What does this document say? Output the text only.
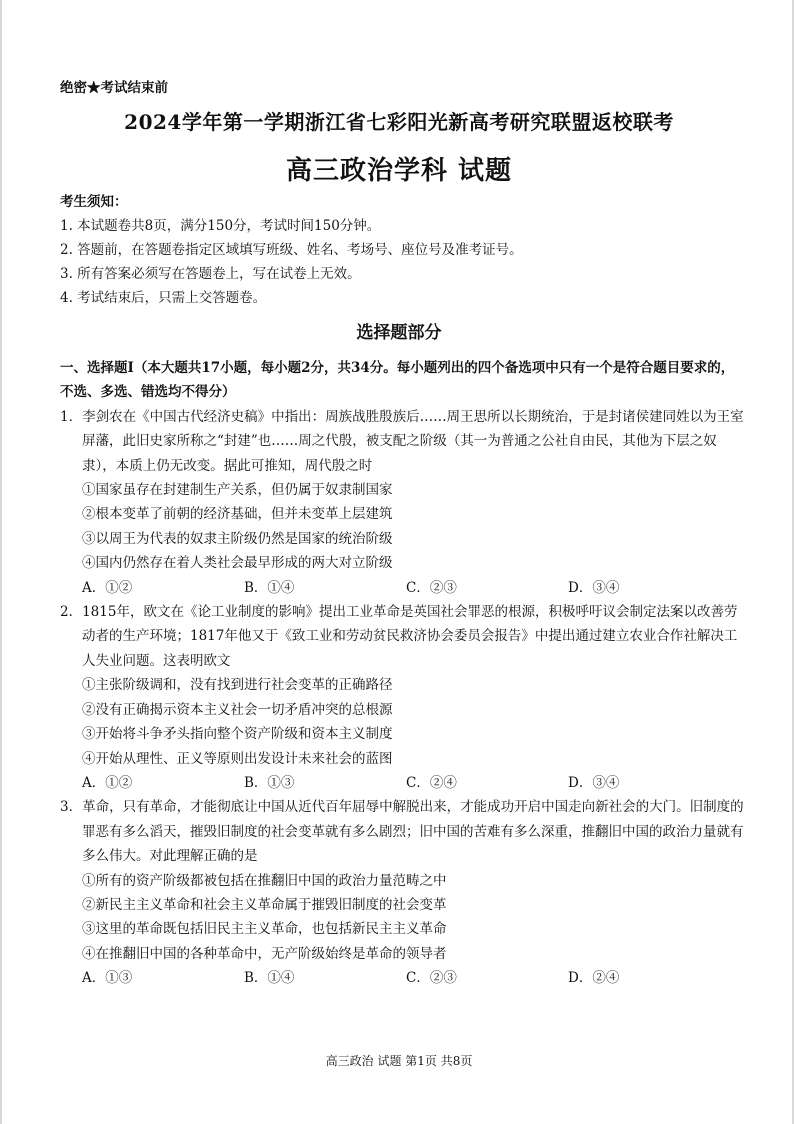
绝密★考试结束前
2024学年第一学期浙江省七彩阳光新高考研究联盟返校联考
高三政治学科 试题
考生须知：
1. 本试题卷共8页，满分150分，考试时间150分钟。
2. 答题前，在答题卷指定区域填写班级、姓名、考场号、座位号及准考证号。
3. 所有答案必须写在答题卷上，写在试卷上无效。
4. 考试结束后，只需上交答题卷。
选择题部分
一、选择题Ⅰ（本大题共17小题，每小题2分，共34分。每小题列出的四个备选项中只有一个是符合题目要求的，不选、多选、错选均不得分）
1．李剑农在《中国古代经济史稿》中指出：周族战胜殷族后……周王思所以长期统治，于是封诸侯建同姓以为王室屏藩，此旧史家所称之“封建”也……周之代殷，被支配之阶级（其一为普通之公社自由民，其他为下层之奴隶），本质上仍无改变。据此可推知，周代殷之时
①国家虽存在封建制生产关系，但仍属于奴隶制国家
②根本变革了前朝的经济基础，但并未变革上层建筑
③以周王为代表的奴隶主阶级仍然是国家的统治阶级
④国内仍然存在着人类社会最早形成的两大对立阶级
A．①②	B．①④	C．②③	D．③④
2．1815年，欧文在《论工业制度的影响》提出工业革命是英国社会罪恶的根源，积极呼吁议会制定法案以改善劳动者的生产环境；1817年他又于《致工业和劳动贫民救济协会委员会报告》中提出通过建立农业合作社解决工人失业问题。这表明欧文
①主张阶级调和，没有找到进行社会变革的正确路径
②没有正确揭示资本主义社会一切矛盾冲突的总根源
③开始将斗争矛头指向整个资产阶级和资本主义制度
④开始从理性、正义等原则出发设计未来社会的蓝图
A．①②	B．①③	C．②④	D．③④
3．革命，只有革命，才能彻底让中国从近代百年屈辱中解脱出来，才能成功开启中国走向新社会的大门。旧制度的罪恶有多么滔天，摧毁旧制度的社会变革就有多么剧烈；旧中国的苦难有多么深重，推翻旧中国的政治力量就有多么伟大。对此理解正确的是
①所有的资产阶级都被包括在推翻旧中国的政治力量范畴之中
②新民主主义革命和社会主义革命属于摧毁旧制度的社会变革
③这里的革命既包括旧民主主义革命，也包括新民主主义革命
④在推翻旧中国的各种革命中，无产阶级始终是革命的领导者
A．①③	B．①④	C．②③	D．②④
高三政治 试题 第1页 共8页
